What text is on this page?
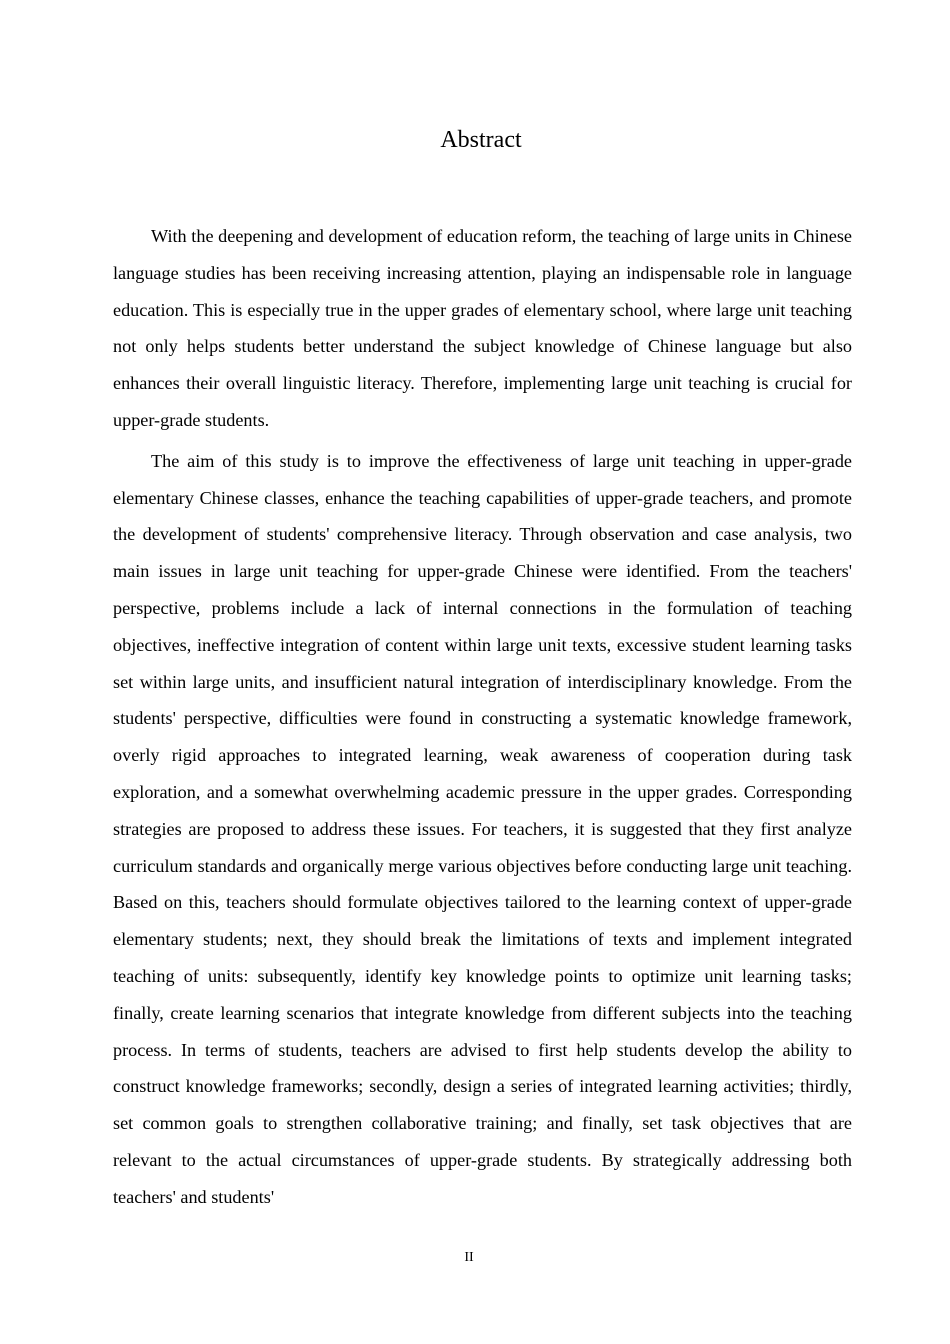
Abstract

With the deepening and development of education reform, the teaching of large units in Chinese language studies has been receiving increasing attention, playing an indispensable role in language education. This is especially true in the upper grades of elementary school, where large unit teaching not only helps students better understand the subject knowledge of Chinese language but also enhances their overall linguistic literacy. Therefore, implementing large unit teaching is crucial for upper-grade students.

The aim of this study is to improve the effectiveness of large unit teaching in upper-grade elementary Chinese classes, enhance the teaching capabilities of upper-grade teachers, and promote the development of students' comprehensive literacy. Through observation and case analysis, two main issues in large unit teaching for upper-grade Chinese were identified. From the teachers' perspective, problems include a lack of internal connections in the formulation of teaching objectives, ineffective integration of content within large unit texts, excessive student learning tasks set within large units, and insufficient natural integration of interdisciplinary knowledge. From the students' perspective, difficulties were found in constructing a systematic knowledge framework, overly rigid approaches to integrated learning, weak awareness of cooperation during task exploration, and a somewhat overwhelming academic pressure in the upper grades. Corresponding strategies are proposed to address these issues. For teachers, it is suggested that they first analyze curriculum standards and organically merge various objectives before conducting large unit teaching. Based on this, teachers should formulate objectives tailored to the learning context of upper-grade elementary students; next, they should break the limitations of texts and implement integrated teaching of units: subsequently, identify key knowledge points to optimize unit learning tasks; finally, create learning scenarios that integrate knowledge from different subjects into the teaching process. In terms of students, teachers are advised to first help students develop the ability to construct knowledge frameworks; secondly, design a series of integrated learning activities; thirdly, set common goals to strengthen collaborative training; and finally, set task objectives that are relevant to the actual circumstances of upper-grade students. By strategically addressing both teachers' and students'

II
